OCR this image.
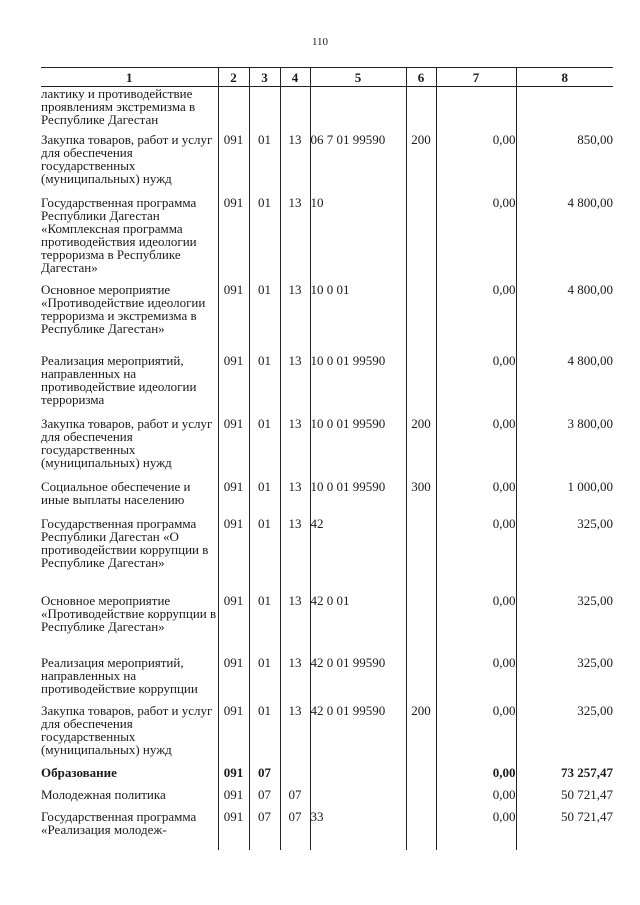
110
1	2	3	4	5	6	7	8
лактику и противодействие проявлениям экстремизма в Республике Дагестан							
Закупка товаров, работ и услуг для обеспечения государственных (муниципальных) нужд	091	01	13	06 7 01 99590	200	0,00	850,00
Государственная программа Республики Дагестан «Комплексная программа противодействия идеологии терроризма в Республике Дагестан»	091	01	13	10		0,00	4 800,00
Основное мероприятие «Противодействие идеологии терроризма и экстремизма в Республике Дагестан»	091	01	13	10 0 01		0,00	4 800,00
Реализация мероприятий, направленных на противодействие идеологии терроризма	091	01	13	10 0 01 99590		0,00	4 800,00
Закупка товаров, работ и услуг для обеспечения государственных (муниципальных) нужд	091	01	13	10 0 01 99590	200	0,00	3 800,00
Социальное обеспечение и иные выплаты населению	091	01	13	10 0 01 99590	300	0,00	1 000,00
Государственная программа Республики Дагестан «О противодействии коррупции в Республике Дагестан»	091	01	13	42		0,00	325,00
Основное мероприятие «Противодействие коррупции в Республике Дагестан»	091	01	13	42 0 01		0,00	325,00
Реализация мероприятий, направленных на противодействие коррупции	091	01	13	42 0 01 99590		0,00	325,00
Закупка товаров, работ и услуг для обеспечения государственных (муниципальных) нужд	091	01	13	42 0 01 99590	200	0,00	325,00
Образование	091	07				0,00	73 257,47
Молодежная политика	091	07	07			0,00	50 721,47
Государственная программа «Реализация молодеж-	091	07	07	33		0,00	50 721,47
